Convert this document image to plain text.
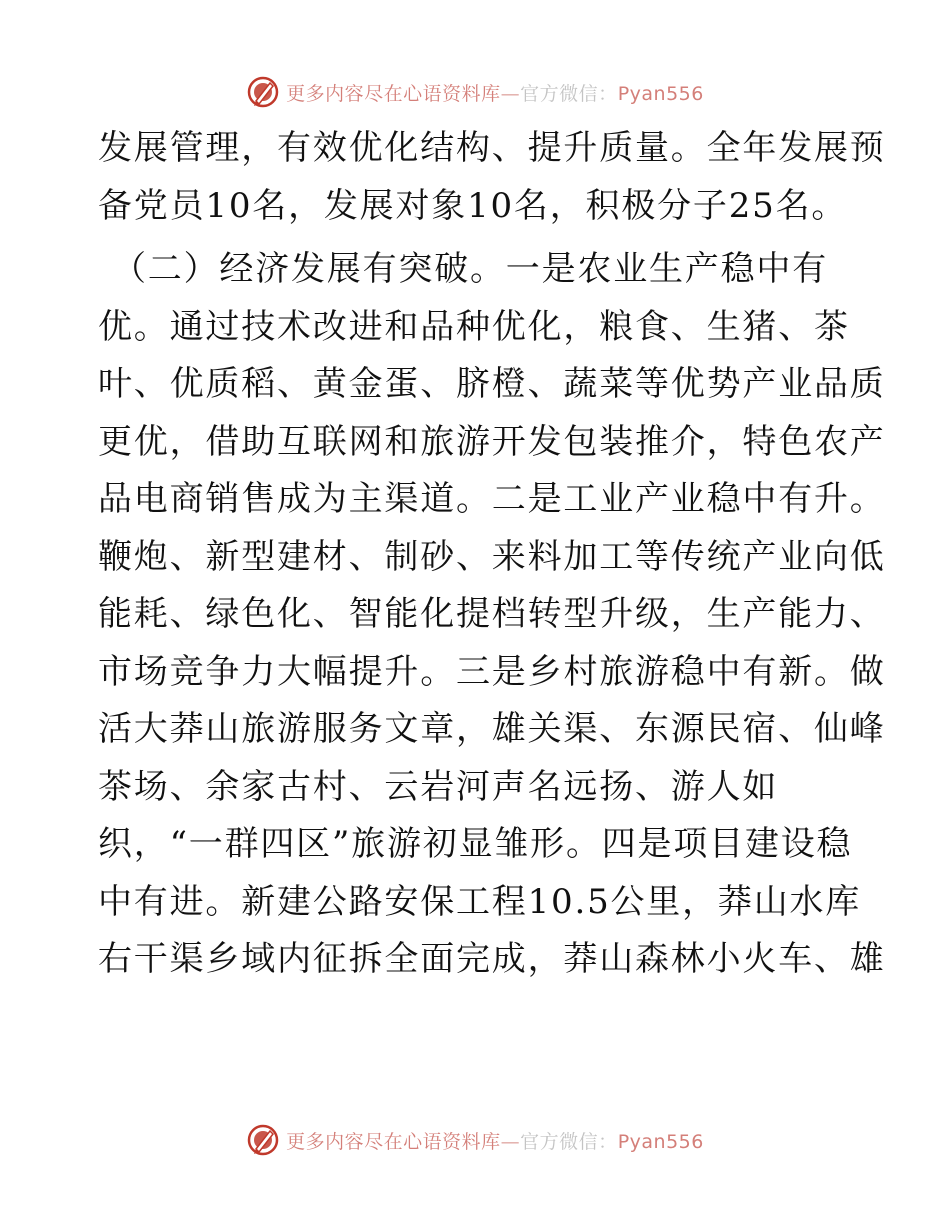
更多内容尽在心语资料库—官方微信：Pyan556
发展管理，有效优化结构、提升质量。全年发展预
备党员10名，发展对象10名，积极分子25名。
（二）经济发展有突破。一是农业生产稳中有
优。通过技术改进和品种优化，粮食、生猪、茶
叶、优质稻、黄金蛋、脐橙、蔬菜等优势产业品质
更优，借助互联网和旅游开发包装推介，特色农产
品电商销售成为主渠道。二是工业产业稳中有升。
鞭炮、新型建材、制砂、来料加工等传统产业向低
能耗、绿色化、智能化提档转型升级，生产能力、
市场竞争力大幅提升。三是乡村旅游稳中有新。做
活大莽山旅游服务文章，雄关渠、东源民宿、仙峰
茶场、余家古村、云岩河声名远扬、游人如
织，“一群四区”旅游初显雏形。四是项目建设稳
中有进。新建公路安保工程10.5公里，莽山水库
右干渠乡域内征拆全面完成，莽山森林小火车、雄
更多内容尽在心语资料库—官方微信：Pyan556
